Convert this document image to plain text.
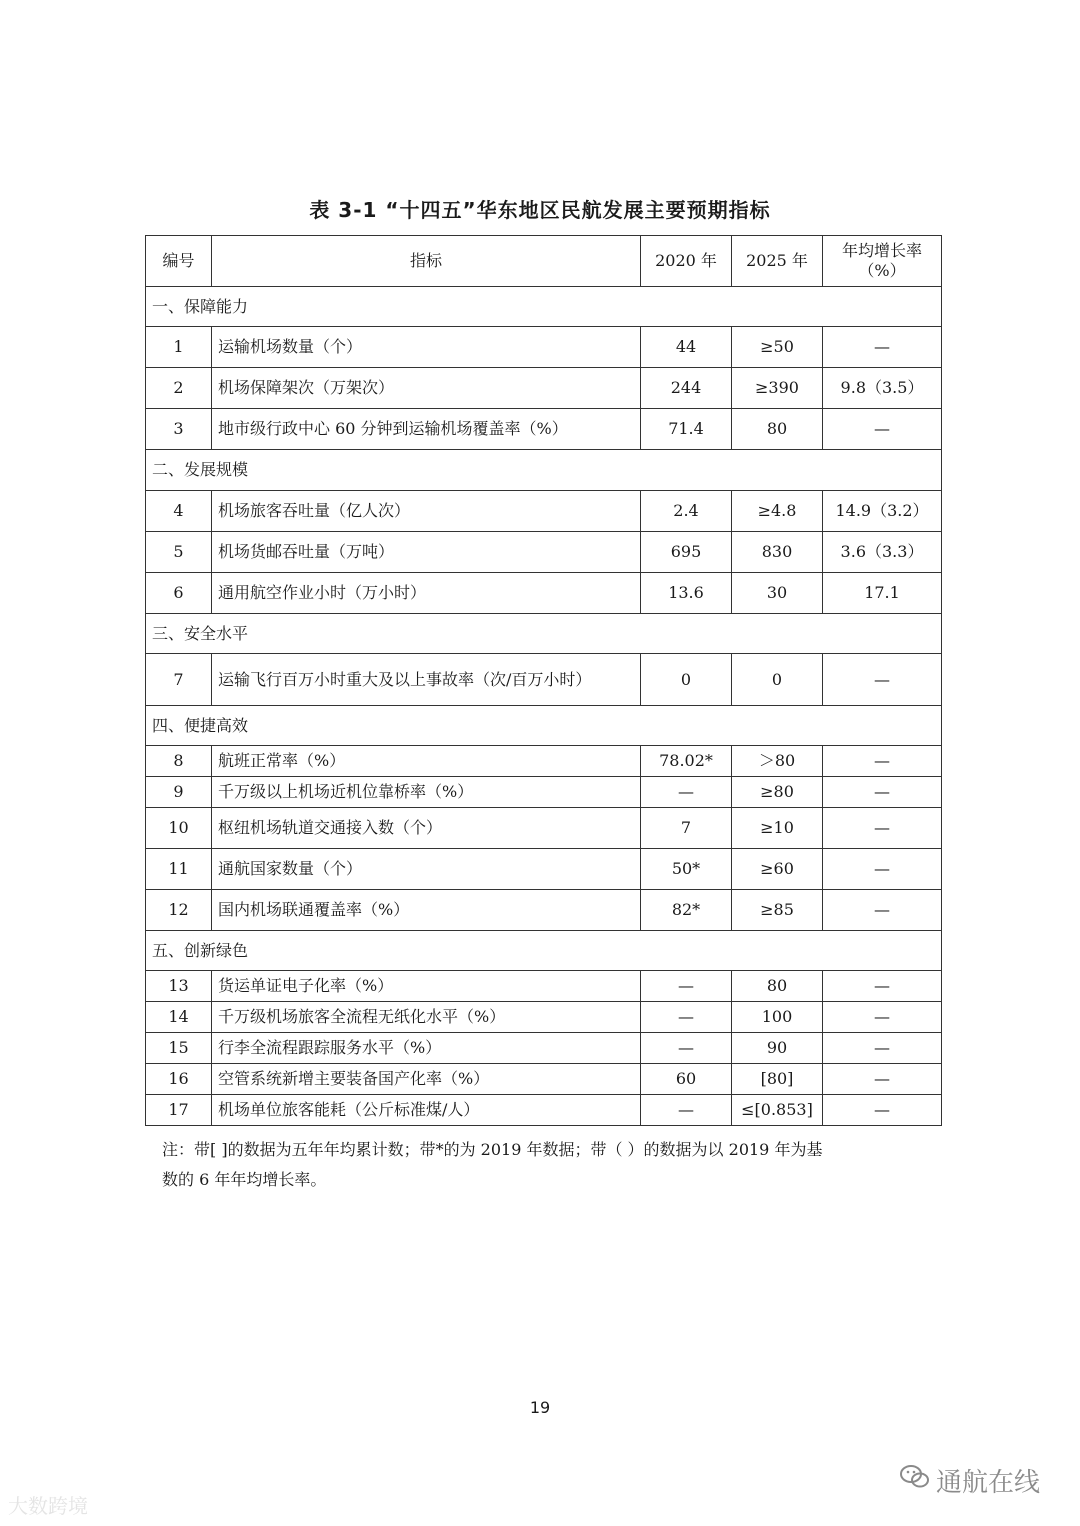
表 3-1 “十四五”华东地区民航发展主要预期指标
编号	指标	2020 年	2025 年	年均增长率
（%）

一、保障能力				
1	运输机场数量（个）	44	≥50	—
2	机场保障架次（万架次）	244	≥390	9.8（3.5）
3	地市级行政中心 60 分钟到运输机场覆盖率（%）	71.4	80	—
二、发展规模				
4	机场旅客吞吐量（亿人次）	2.4	≥4.8	14.9（3.2）
5	机场货邮吞吐量（万吨）	695	830	3.6（3.3）
6	通用航空作业小时（万小时）	13.6	30	17.1
三、安全水平				
7	运输飞行百万小时重大及以上事故率（次/百万小时）	0	0	—
四、便捷高效				
8	航班正常率（%）	78.02*	＞80	—
9	千万级以上机场近机位靠桥率（%）	—	≥80	—
10	枢纽机场轨道交通接入数（个）	7	≥10	—
11	通航国家数量（个）	50*	≥60	—
12	国内机场联通覆盖率（%）	82*	≥85	—
五、创新绿色				
13	货运单证电子化率（%）	—	80	—
14	千万级机场旅客全流程无纸化水平（%）	—	100	—
15	行李全流程跟踪服务水平（%）	—	90	—
16	空管系统新增主要装备国产化率（%）	60	[80]	—
17	机场单位旅客能耗（公斤标准煤/人）	—	≤[0.853]	—

注：带[ ]的数据为五年年均累计数；带*的为 2019 年数据；带（ ）的数据为以 2019 年为基

数的 6 年年均增长率。

19
大数跨境
通航在线
